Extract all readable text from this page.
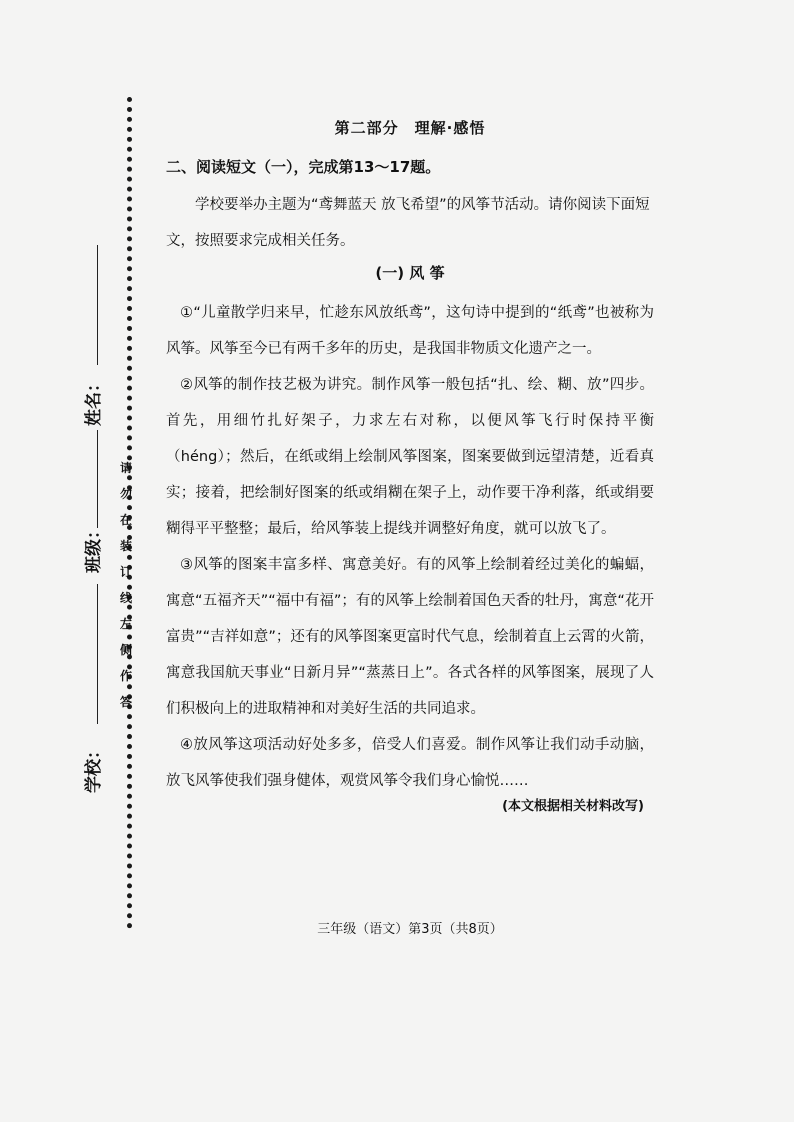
姓名：
班级：
学校：
请
勿
在
装
订
线
左
侧
作
答
第二部分　理解·感悟
二、阅读短文（一），完成第13～17题。
学校要举办主题为“鸢舞蓝天 放飞希望”的风筝节活动。请你阅读下面短文，按照要求完成相关任务。
(一) 风 筝
①“儿童散学归来早，忙趁东风放纸鸢”，这句诗中提到的“纸鸢”也被称为风筝。风筝至今已有两千多年的历史，是我国非物质文化遗产之一。
②风筝的制作技艺极为讲究。制作风筝一般包括“扎、绘、糊、放”四步。首先，用细竹扎好架子，力求左右对称，以便风筝飞行时保持平衡（héng）；然后，在纸或绢上绘制风筝图案，图案要做到远望清楚，近看真实；接着，把绘制好图案的纸或绢糊在架子上，动作要干净利落，纸或绢要糊得平平整整；最后，给风筝装上提线并调整好角度，就可以放飞了。
③风筝的图案丰富多样、寓意美好。有的风筝上绘制着经过美化的蝙蝠，寓意“五福齐天”“福中有福”；有的风筝上绘制着国色天香的牡丹，寓意“花开富贵”“吉祥如意”；还有的风筝图案更富时代气息，绘制着直上云霄的火箭，寓意我国航天事业“日新月异”“蒸蒸日上”。各式各样的风筝图案，展现了人们积极向上的进取精神和对美好生活的共同追求。
④放风筝这项活动好处多多，倍受人们喜爱。制作风筝让我们动手动脑，放飞风筝使我们强身健体，观赏风筝令我们身心愉悦……
(本文根据相关材料改写)
三年级（语文）第3页（共8页）
